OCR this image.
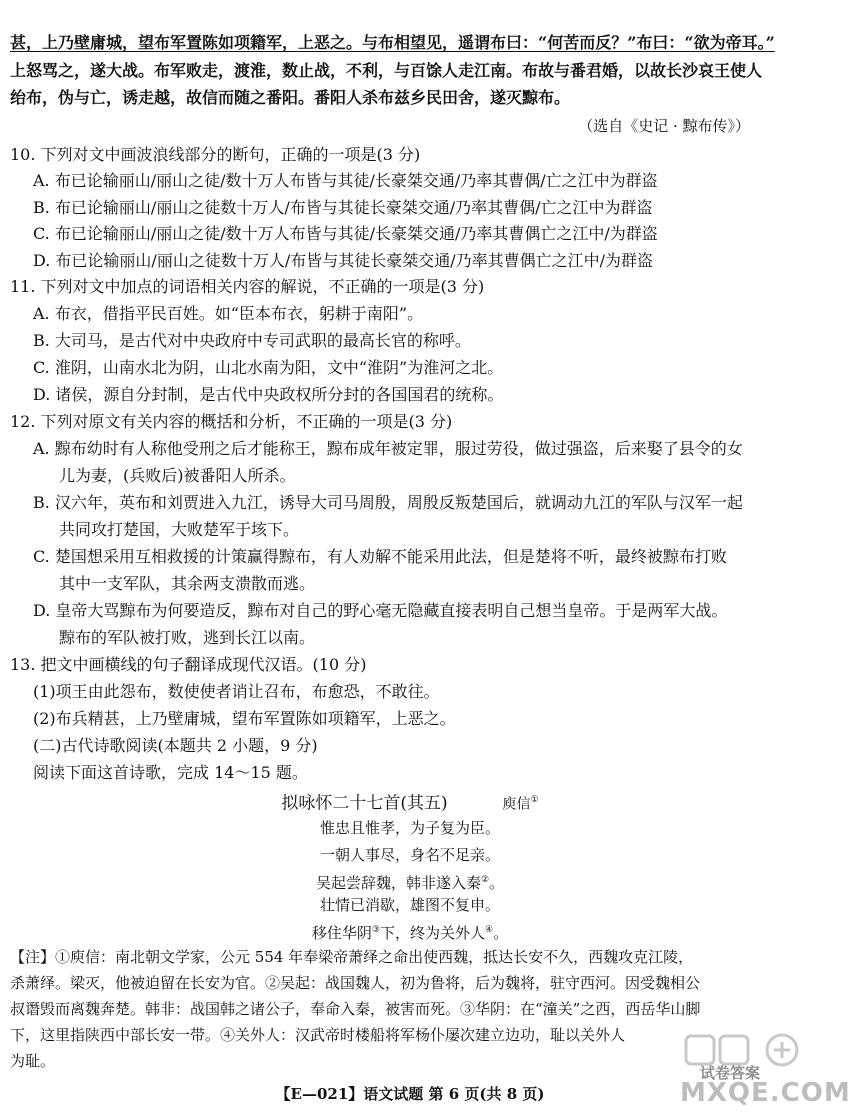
甚，上乃壁庸城，望布军置陈如项籍军，上恶之。与布相望见，遥谓布曰：“何苦而反？”布曰：“欲为帝耳。”
上怒骂之，遂大战。布军败走，渡淮，数止战，不利，与百馀人走江南。布故与番君婚，以故长沙哀王使人
绐布，伪与亡，诱走越，故信而随之番阳。番阳人杀布兹乡民田舍，遂灭黥布。
（选自《史记 · 黥布传》）
10. 下列对文中画波浪线部分的断句，正确的一项是(3 分)
A. 布已论输丽山/丽山之徒/数十万人布皆与其徒/长豪桀交通/乃率其曹偶/亡之江中为群盗
B. 布已论输丽山/丽山之徒数十万人/布皆与其徒长豪桀交通/乃率其曹偶/亡之江中为群盗
C. 布已论输丽山/丽山之徒/数十万人布皆与其徒/长豪桀交通/乃率其曹偶亡之江中/为群盗
D. 布已论输丽山/丽山之徒数十万人/布皆与其徒长豪桀交通/乃率其曹偶亡之江中/为群盗
11. 下列对文中加点的词语相关内容的解说，不正确的一项是(3 分)
A. 布衣，借指平民百姓。如“臣本布衣，躬耕于南阳”。
B. 大司马，是古代对中央政府中专司武职的最高长官的称呼。
C. 淮阴，山南水北为阴，山北水南为阳，文中“淮阴”为淮河之北。
D. 诸侯，源自分封制，是古代中央政权所分封的各国国君的统称。
12. 下列对原文有关内容的概括和分析，不正确的一项是(3 分)
A. 黥布幼时有人称他受刑之后才能称王，黥布成年被定罪，服过劳役，做过强盗，后来娶了县令的女
儿为妻，(兵败后)被番阳人所杀。
B. 汉六年，英布和刘贾进入九江，诱导大司马周殷，周殷反叛楚国后，就调动九江的军队与汉军一起
共同攻打楚国，大败楚军于垓下。
C. 楚国想采用互相救援的计策赢得黥布，有人劝解不能采用此法，但是楚将不听，最终被黥布打败
其中一支军队，其余两支溃散而逃。
D. 皇帝大骂黥布为何要造反，黥布对自己的野心毫无隐藏直接表明自己想当皇帝。于是两军大战。
黥布的军队被打败，逃到长江以南。
13. 把文中画横线的句子翻译成现代汉语。(10 分)
(1)项王由此怨布，数使使者诮让召布，布愈恐，不敢往。
(2)布兵精甚，上乃壁庸城，望布军置陈如项籍军，上恶之。
(二)古代诗歌阅读(本题共 2 小题，9 分)
阅读下面这首诗歌，完成 14～15 题。
拟咏怀二十七首(其五)	庾信①
惟忠且惟孝，为子复为臣。
一朝人事尽，身名不足亲。
吴起尝辞魏，韩非遂入秦②。
壮情已消歇，雄图不复申。
移住华阴③下，终为关外人④。
【注】①庾信：南北朝文学家，公元 554 年奉梁帝萧绎之命出使西魏，抵达长安不久，西魏攻克江陵，
杀萧绎。梁灭，他被迫留在长安为官。②吴起：战国魏人，初为鲁将，后为魏将，驻守西河。因受魏相公
叔谮毁而离魏奔楚。韩非：战国韩之诸公子，奉命入秦，被害而死。③华阴：在“潼关”之西，西岳华山脚
下，这里指陕西中部长安一带。④关外人：汉武帝时楼船将军杨仆屡次建立边功，耻以关外人
为耻。
【E—021】语文试题 第 6 页(共 8 页)
试卷答案
MXQE.COM
